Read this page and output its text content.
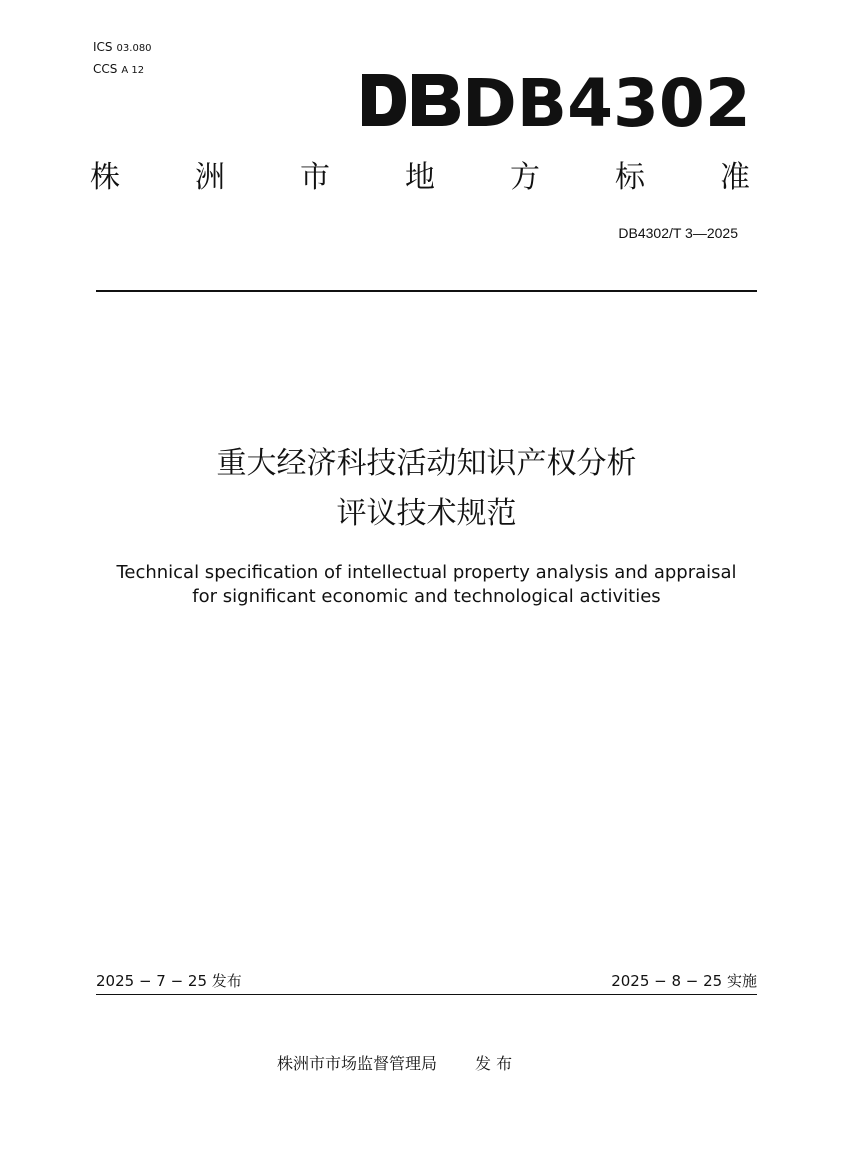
ICS 03.080
CCS A 12	DB4302
株	洲	市	地	方	标	准
DB4302/T 3—2025
重大经济科技活动知识产权分析
评议技术规范
Technical specification of intellectual property analysis and appraisal
for significant economic and technological activities
2025 − 7 − 25 发布	2025 − 8 − 25 实施
株洲市市场监督管理局 发 布
